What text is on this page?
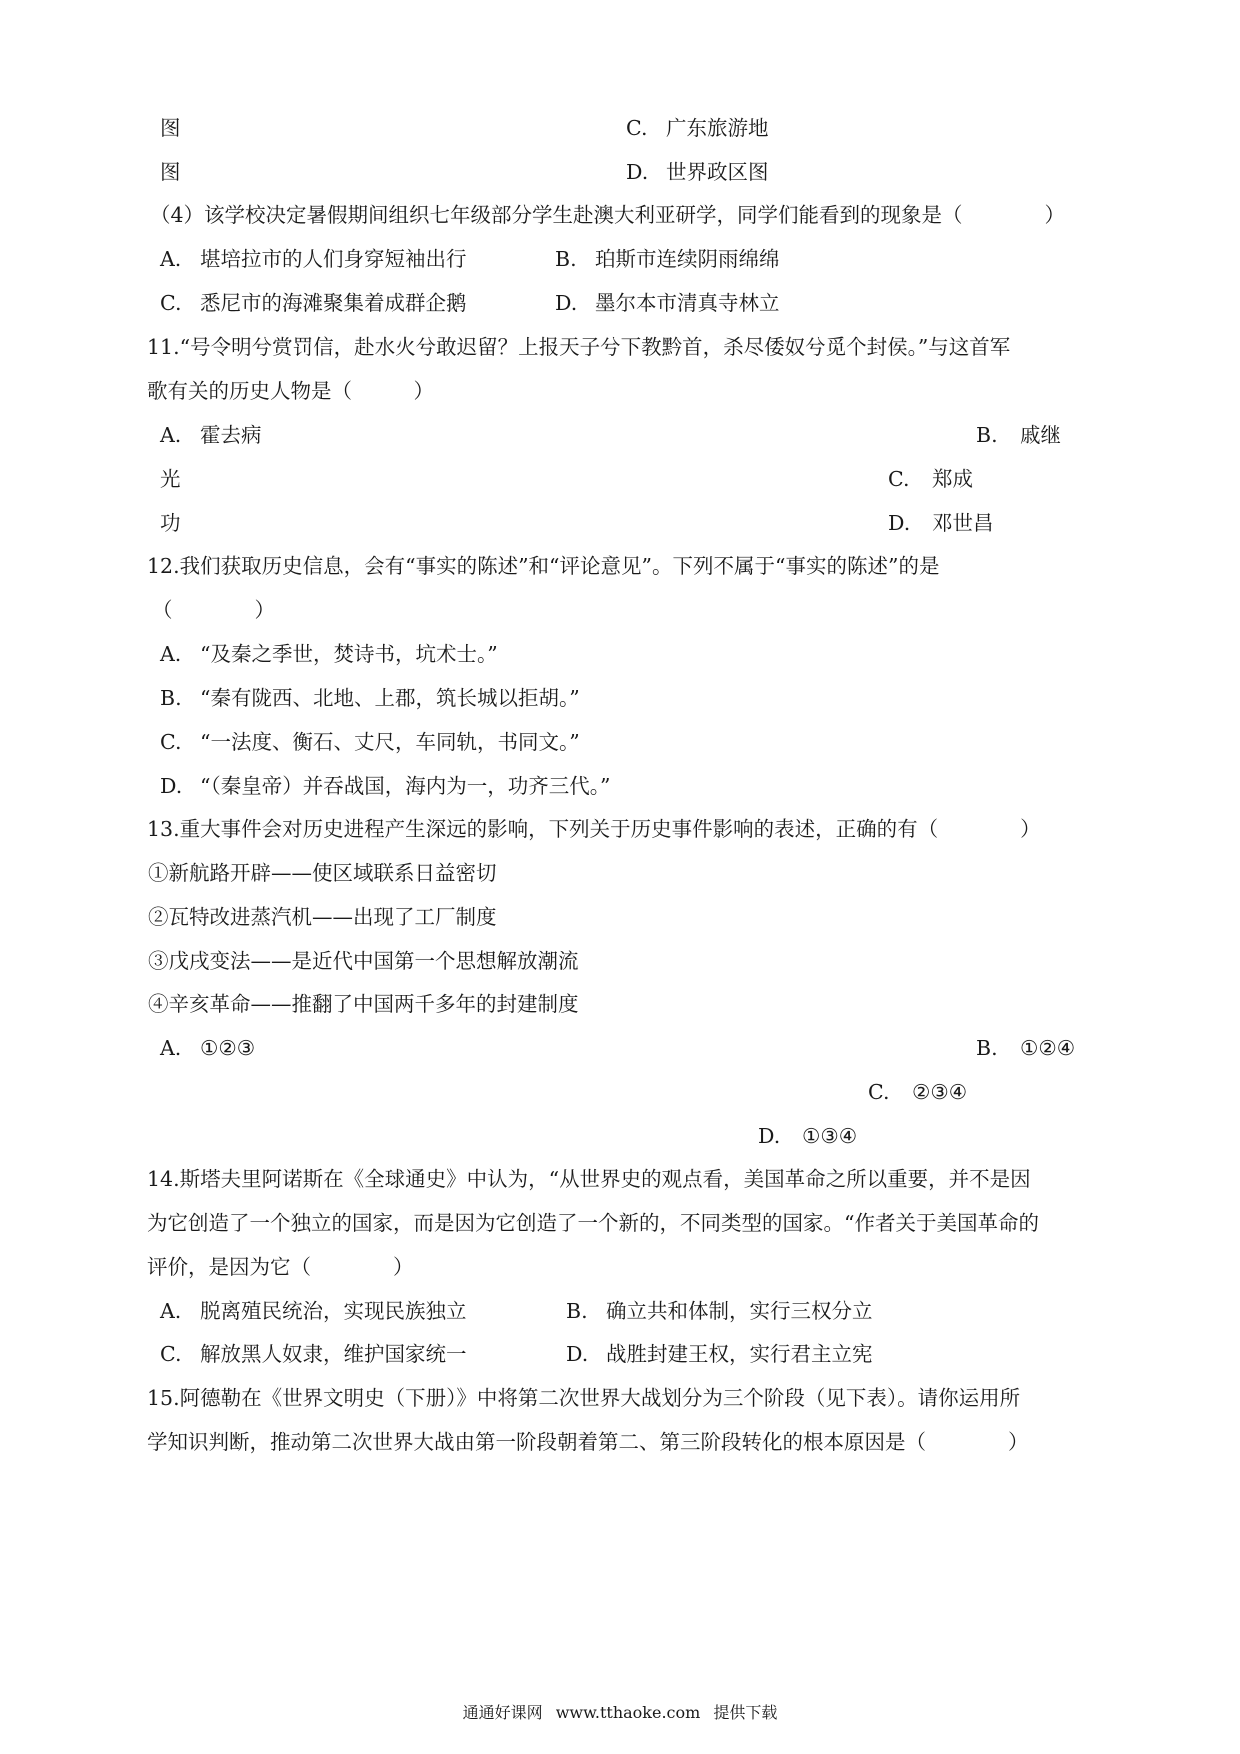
图	C. 广东旅游地
图	D. 世界政区图
（4）该学校决定暑假期间组织七年级部分学生赴澳大利亚研学，同学们能看到的现象是（　　　　）
A. 堪培拉市的人们身穿短袖出行	B. 珀斯市连续阴雨绵绵
C. 悉尼市的海滩聚集着成群企鹅	D. 墨尔本市清真寺林立
11.“号令明兮赏罚信，赴水火兮敢迟留？上报天子兮下教黔首，杀尽倭奴兮觅个封侯。”与这首军
歌有关的历史人物是（　　　）
A. 霍去病	B. 戚继
光	C. 郑成
功	D. 邓世昌
12.我们获取历史信息，会有“事实的陈述”和“评论意见”。下列不属于“事实的陈述”的是
（　　　　）
A. “及秦之季世，焚诗书，坑术士。”
B. “秦有陇西、北地、上郡，筑长城以拒胡。”
C. “一法度、衡石、丈尺，车同轨，书同文。”
D. “（秦皇帝）并吞战国，海内为一，功齐三代。”
13.重大事件会对历史进程产生深远的影响，下列关于历史事件影响的表述，正确的有（　　　　）
①新航路开辟——使区域联系日益密切
②瓦特改进蒸汽机——出现了工厂制度
③戊戌变法——是近代中国第一个思想解放潮流
④辛亥革命——推翻了中国两千多年的封建制度
A. ①②③	B. ①②④
C. ②③④
D. ①③④
14.斯塔夫里阿诺斯在《全球通史》中认为，“从世界史的观点看，美国革命之所以重要，并不是因
为它创造了一个独立的国家，而是因为它创造了一个新的，不同类型的国家。“作者关于美国革命的
评价，是因为它（　　　　）
A. 脱离殖民统治，实现民族独立	B. 确立共和体制，实行三权分立
C. 解放黑人奴隶，维护国家统一	D. 战胜封建王权，实行君主立宪
15.阿德勒在《世界文明史（下册）》中将第二次世界大战划分为三个阶段（见下表）。请你运用所
学知识判断，推动第二次世界大战由第一阶段朝着第二、第三阶段转化的根本原因是（　　　　）
通通好课网 www.tthaoke.com 提供下载
